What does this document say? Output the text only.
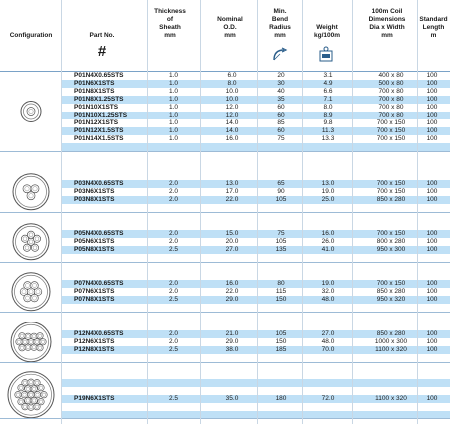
Configuration	Part No.
#
Thickness
of
Sheath
mm
Nominal
O.D.
mm
Min.
Bend
Radius
mm
Weight
kg/100m
100m Coil
Dimensions
Dia x Width
mm
Standard
Length
m
P01N4X0.65STS	1.0	6.0	20	3.1	400 x 80	100
P01N6X1STS	1.0	8.0	30	4.9	500 x 80	100
P01N8X1STS	1.0	10.0	40	6.6	700 x 80	100
P01N8X1.25STS	1.0	10.0	35	7.1	700 x 80	100
P01N10X1STS	1.0	12.0	60	8.0	700 x 80	100
P01N10X1.25STS	1.0	12.0	60	8.9	700 x 80	100
P01N12X1STS	1.0	14.0	85	9.8	700 x 150	100
P01N12X1.5STS	1.0	14.0	60	11.3	700 x 150	100
P01N14X1.5STS	1.0	16.0	75	13.3	700 x 150	100
P03N4X0.65STS	2.0	13.0	65	13.0	700 x 150	100
P03N6X1STS	2.0	17.0	90	19.0	700 x 150	100
P03N8X1STS	2.0	22.0	105	25.0	850 x 280	100
P05N4X0.65STS	2.0	15.0	75	16.0	700 x 150	100
P05N6X1STS	2.0	20.0	105	26.0	800 x 280	100
P05N8X1STS	2.5	27.0	135	41.0	950 x 300	100
P07N4X0.65STS	2.0	16.0	80	19.0	700 x 150	100
P07N6X1STS	2.0	22.0	115	32.0	850 x 280	100
P07N8X1STS	2.5	29.0	150	48.0	950 x 320	100
P12N4X0.65STS	2.0	21.0	105	27.0	850 x 280	100
P12N6X1STS	2.0	29.0	150	48.0	1000 x 300	100
P12N8X1STS	2.5	38.0	185	70.0	1100 x 320	100
P19N6X1STS	2.5	35.0	180	72.0	1100 x 320	100
